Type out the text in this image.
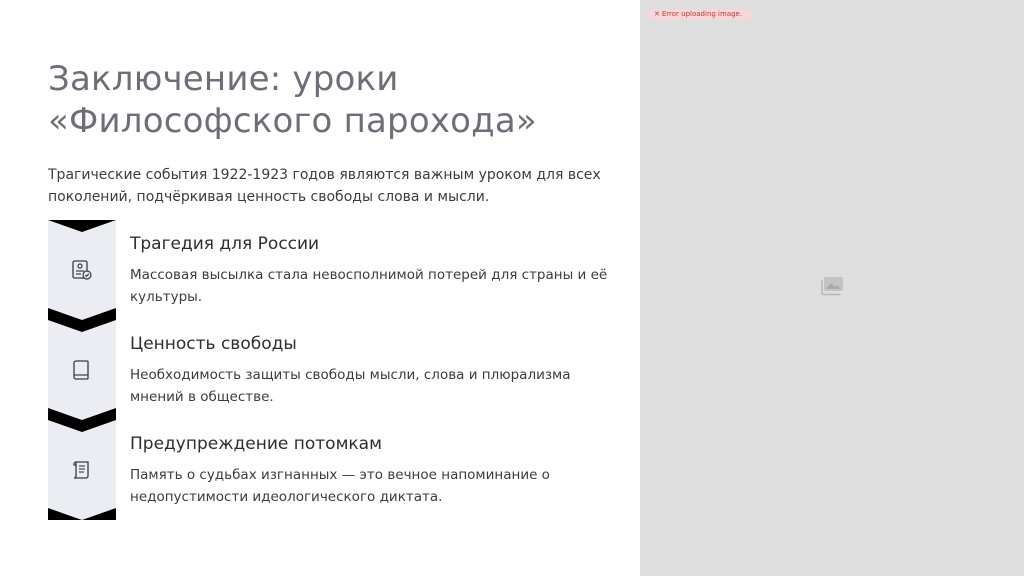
Заключение: уроки
«Философского парохода»
Трагические события 1922-1923 годов являются важным уроком для всех поколений, подчёркивая ценность свободы слова и мысли.
Трагедия для России
Массовая высылка стала невосполнимой потерей для страны и её культуры.
Ценность свободы
Необходимость защиты свободы мысли, слова и плюрализма мнений в обществе.
Предупреждение потомкам
Память о судьбах изгнанных — это вечное напоминание о недопустимости идеологического диктата.
✕ Error uploading image.
